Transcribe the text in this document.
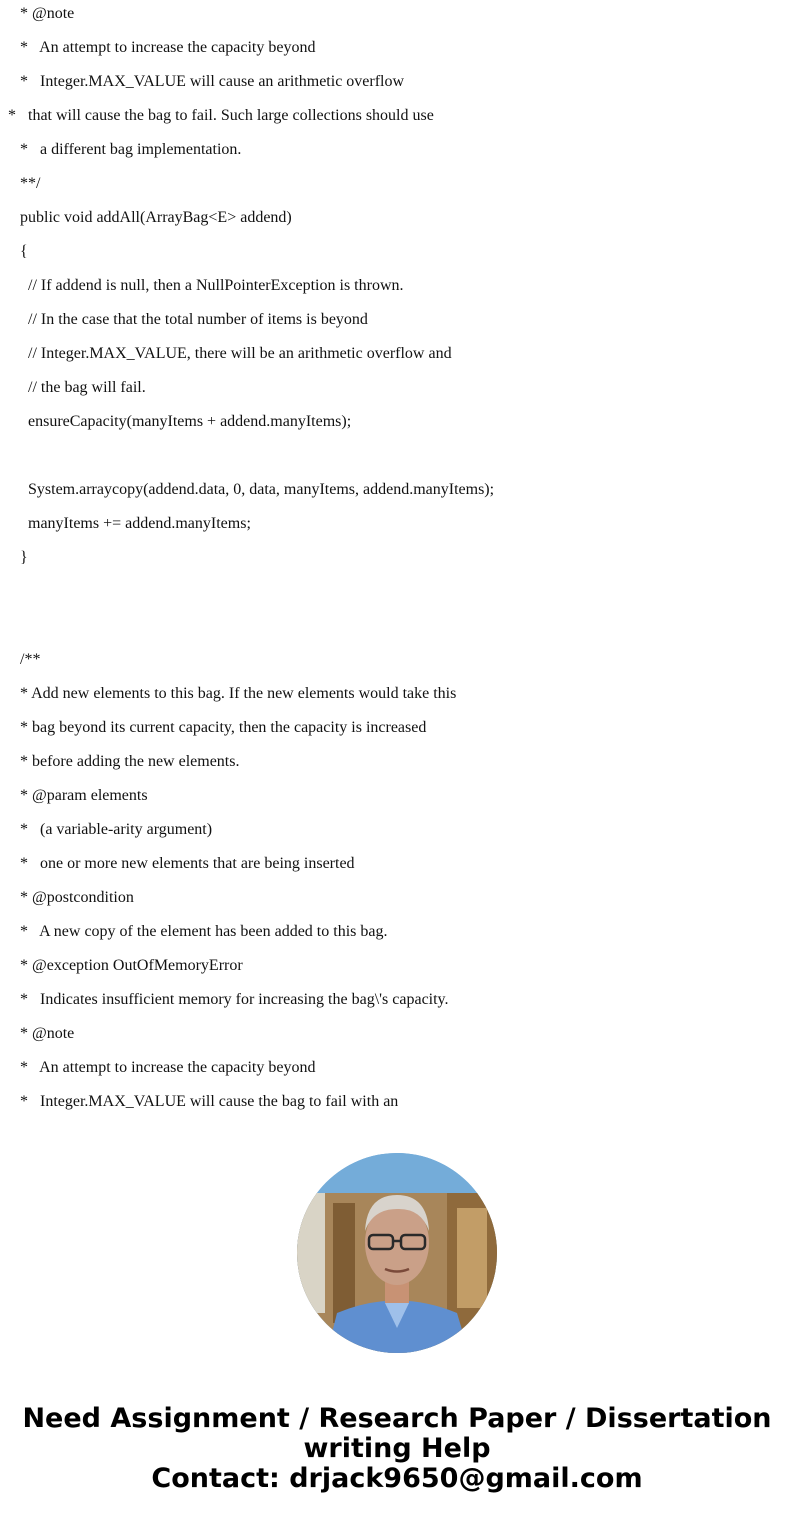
* @note
*   An attempt to increase the capacity beyond
*   Integer.MAX_VALUE will cause an arithmetic overflow
*   that will cause the bag to fail. Such large collections should use
*   a different bag implementation.
**/
public void addAll(ArrayBag<E> addend)
{
// If addend is null, then a NullPointerException is thrown.
// In the case that the total number of items is beyond
// Integer.MAX_VALUE, there will be an arithmetic overflow and
// the bag will fail.
ensureCapacity(manyItems + addend.manyItems);
System.arraycopy(addend.data, 0, data, manyItems, addend.manyItems);
manyItems += addend.manyItems;
}
/**
* Add new elements to this bag. If the new elements would take this
* bag beyond its current capacity, then the capacity is increased
* before adding the new elements.
* @param elements
*   (a variable-arity argument)
*   one or more new elements that are being inserted
* @postcondition
*   A new copy of the element has been added to this bag.
* @exception OutOfMemoryError
*   Indicates insufficient memory for increasing the bag\'s capacity.
* @note
*   An attempt to increase the capacity beyond
*   Integer.MAX_VALUE will cause the bag to fail with an
Need Assignment / Research Paper / Dissertation
writing Help
Contact: drjack9650@gmail.com
